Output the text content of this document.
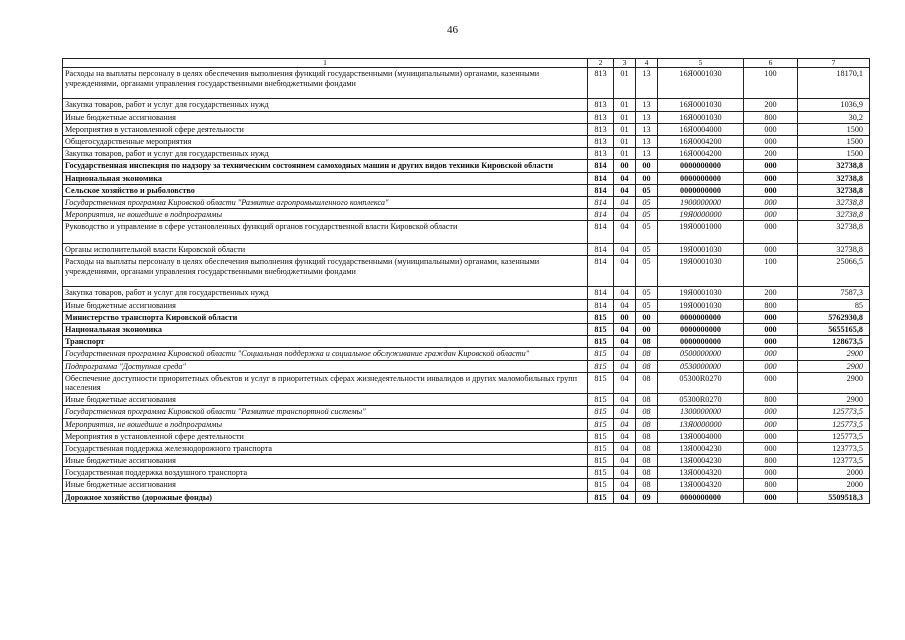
46
1	2	3	4	5	6	7
Расходы на выплаты персоналу в целях обеспечения выполнения функций государственными (муниципальными) органами, казенными учреждениями, органами управления государственными внебюджетными фондами	813	01	13	16Я0001030	100	18170,1
Закупка товаров, работ и услуг для государственных нужд	813	01	13	16Я0001030	200	1036,9
Иные бюджетные ассигнования	813	01	13	16Я0001030	800	30,2
Мероприятия в установленной сфере деятельности	813	01	13	16Я0004000	000	1500
Общегосударственные мероприятия	813	01	13	16Я0004200	000	1500
Закупка товаров, работ и услуг для государственных нужд	813	01	13	16Я0004200	200	1500
Государственная инспекция по надзору за техническим состоянием самоходных машин и других видов техники Кировской области	814	00	00	0000000000	000	32738,8
Национальная экономика	814	04	00	0000000000	000	32738,8
Сельское хозяйство и рыболовство	814	04	05	0000000000	000	32738,8
Государственная программа Кировской области "Развитие агропромышленного комплекса"	814	04	05	1900000000	000	32738,8
Мероприятия, не вошедшие в подпрограммы	814	04	05	19Я0000000	000	32738,8
Руководство и управление в сфере установленных функций органов государственной власти Кировской области	814	04	05	19Я0001000	000	32738,8
Органы исполнительной власти Кировской области	814	04	05	19Я0001030	000	32738,8
Расходы на выплаты персоналу в целях обеспечения выполнения функций государственными (муниципальными) органами, казенными учреждениями, органами управления государственными внебюджетными фондами	814	04	05	19Я0001030	100	25066,5
Закупка товаров, работ и услуг для государственных нужд	814	04	05	19Я0001030	200	7587,3
Иные бюджетные ассигнования	814	04	05	19Я0001030	800	85
Министерство транспорта Кировской области	815	00	00	0000000000	000	5762930,8
Национальная экономика	815	04	00	0000000000	000	5655165,8
Транспорт	815	04	08	0000000000	000	128673,5
Государственная программа Кировской области "Социальная поддержка и социальное обслуживание граждан Кировской области"	815	04	08	0500000000	000	2900
Подпрограмма "Доступная среда"	815	04	08	0530000000	000	2900
Обеспечение доступности приоритетных объектов и услуг в приоритетных сферах жизнедеятельности инвалидов и других маломобильных групп населения	815	04	08	05300R0270	000	2900
Иные бюджетные ассигнования	815	04	08	05300R0270	800	2900
Государственная программа Кировской области "Развитие транспортной системы"	815	04	08	1300000000	000	125773,5
Мероприятия, не вошедшие в подпрограммы	815	04	08	13Я0000000	000	125773,5
Мероприятия в установленной сфере деятельности	815	04	08	13Я0004000	000	125773,5
Государственная поддержка железнодорожного транспорта	815	04	08	13Я0004230	000	123773,5
Иные бюджетные ассигнования	815	04	08	13Я0004230	800	123773,5
Государственная поддержка воздушного транспорта	815	04	08	13Я0004320	000	2000
Иные бюджетные ассигнования	815	04	08	13Я0004320	800	2000
Дорожное хозяйство (дорожные фонды)	815	04	09	0000000000	000	5509518,3
